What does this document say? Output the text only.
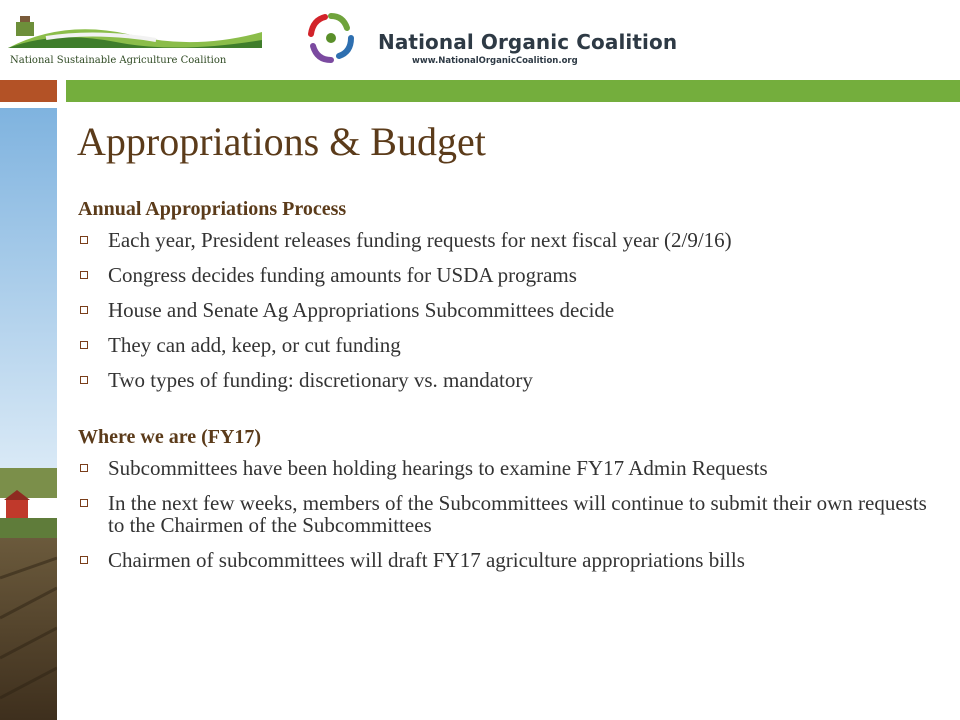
National Sustainable Agriculture Coalition
National Organic Coalition
www.NationalOrganicCoalition.org
Appropriations & Budget
Annual Appropriations Process
Each year, President releases funding requests for next fiscal year (2/9/16)
Congress decides funding amounts for USDA programs
House and Senate Ag Appropriations Subcommittees decide
They can add, keep, or cut funding
Two types of funding: discretionary vs. mandatory
Where we are (FY17)
Subcommittees have been holding hearings to examine FY17 Admin Requests
In the next few weeks, members of the Subcommittees will continue to submit their own requests to the Chairmen of the Subcommittees
Chairmen of subcommittees will draft FY17 agriculture appropriations bills
